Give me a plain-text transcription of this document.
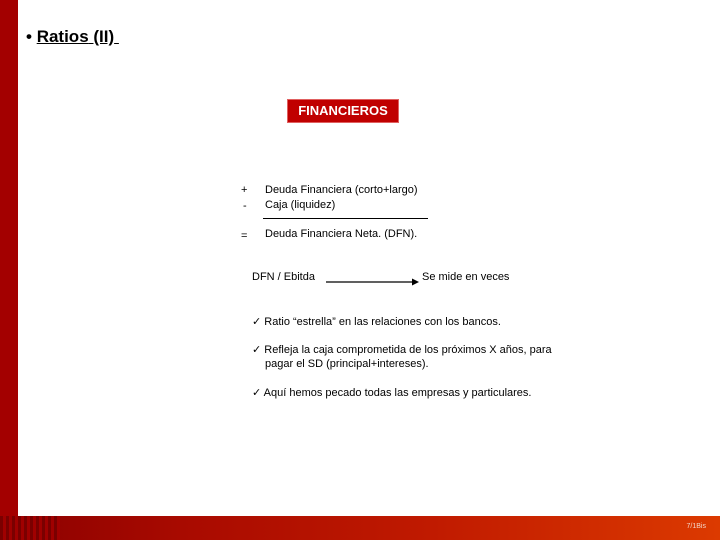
7/1Bis
• Ratios (II)
FINANCIEROS
+ Deuda Financiera (corto+largo)
- Caja (liquidez)
= Deuda Financiera Neta. (DFN).
DFN / Ebitda	Se mide en veces
✓ Ratio “estrella” en las relaciones con los bancos.
✓ Refleja la caja comprometida de los próximos X años, para
pagar el SD (principal+intereses).
✓ Aquí hemos pecado todas las empresas y particulares.
